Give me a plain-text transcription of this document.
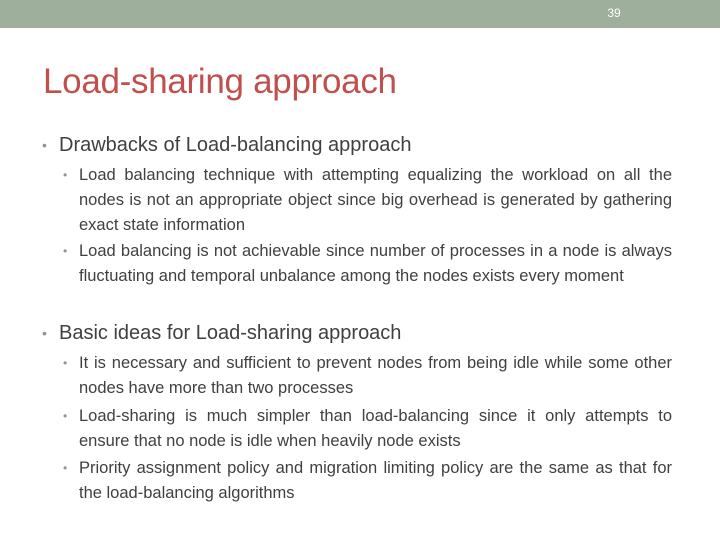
39
Load-sharing approach
• Drawbacks of Load-balancing approach
• Load balancing technique with attempting equalizing the workload on all the nodes is not an appropriate object since big overhead is generated by gathering exact state information
• Load balancing is not achievable since number of processes in a node is always fluctuating and temporal unbalance among the nodes exists every moment
• Basic ideas for Load-sharing approach
• It is necessary and sufficient to prevent nodes from being idle while some other nodes have more than two processes
• Load-sharing is much simpler than load-balancing since it only attempts to ensure that no node is idle when heavily node exists
• Priority assignment policy and migration limiting policy are the same as that for the load-balancing algorithms
